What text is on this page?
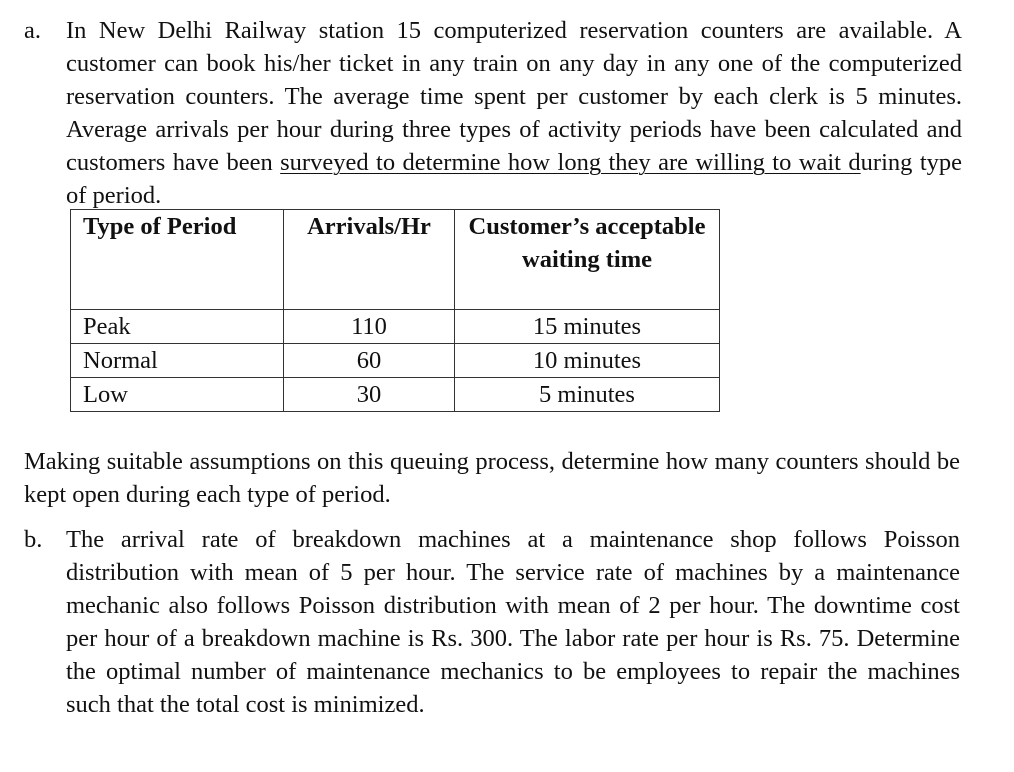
a.	In New Delhi Railway station 15 computerized reservation counters are available. A customer can book his/her ticket in any train on any day in any one of the computerized reservation counters. The average time spent per customer by each clerk is 5 minutes. Average arrivals per hour during three types of activity periods have been calculated and customers have been surveyed to determine how long they are willing to wait during type of period.
Type of Period	Arrivals/Hr	Customer’s acceptable waiting time
Peak	110	15 minutes
Normal	60	10 minutes
Low	30	5 minutes
Making suitable assumptions on this queuing process, determine how many counters should be kept open during each type of period.
b. The arrival rate of breakdown machines at a maintenance shop follows Poisson distribution with mean of 5 per hour. The service rate of machines by a maintenance mechanic also follows Poisson distribution with mean of 2 per hour. The downtime cost per hour of a breakdown machine is Rs. 300. The labor rate per hour is Rs. 75. Determine the optimal number of maintenance mechanics to be employees to repair the machines such that the total cost is minimized.
